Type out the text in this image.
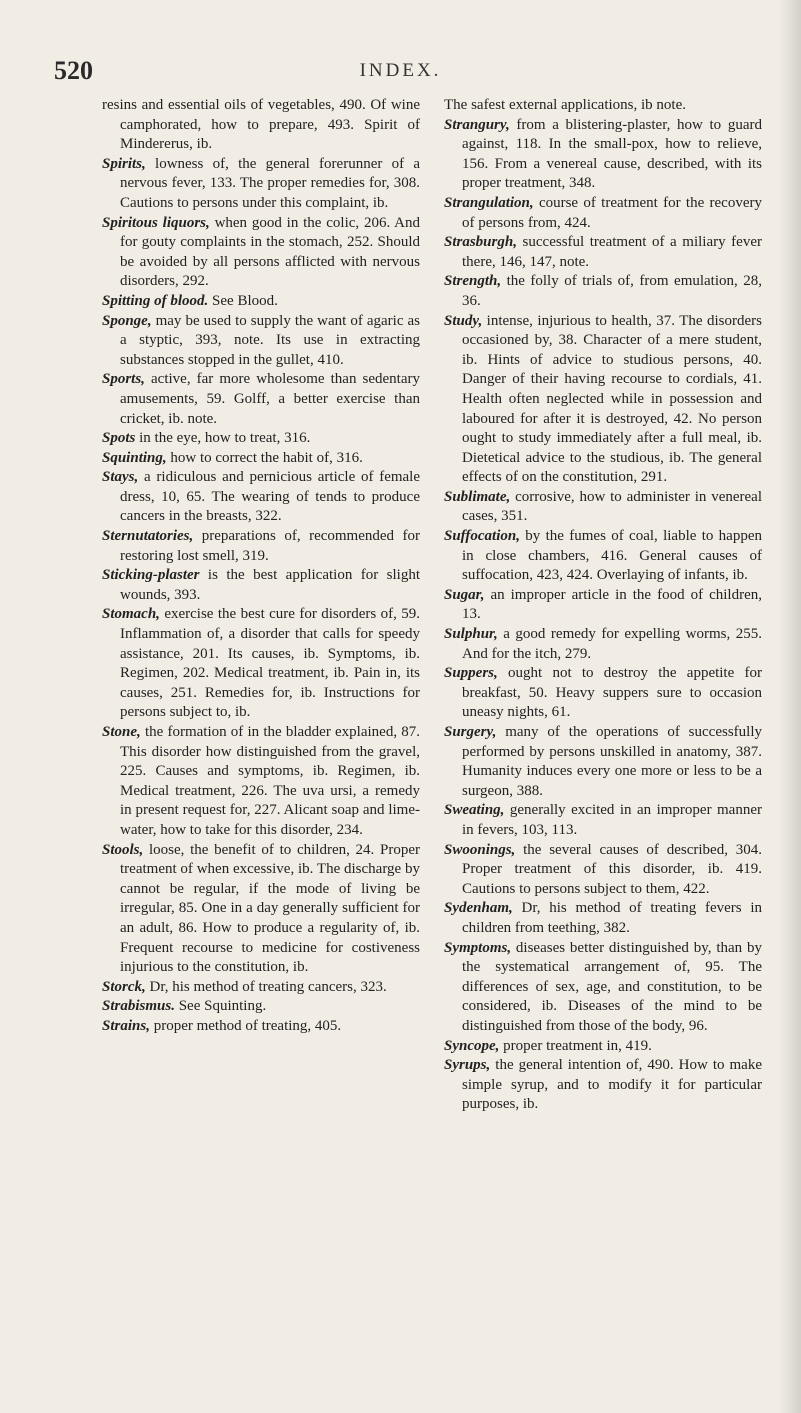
520	INDEX.

resins and essential oils of vegetables, 490. Of wine camphorated, how to prepare, 493. Spirit of Mindererus, ib.

Spirits, lowness of, the general forerunner of a nervous fever, 133. The proper remedies for, 308. Cautions to persons under this complaint, ib.

Spiritous liquors, when good in the colic, 206. And for gouty complaints in the stomach, 252. Should be avoided by all persons afflicted with nervous disorders, 292.

Spitting of blood. See Blood.

Sponge, may be used to supply the want of agaric as a styptic, 393, note. Its use in extracting substances stopped in the gullet, 410.

Sports, active, far more wholesome than sedentary amusements, 59. Golff, a better exercise than cricket, ib. note.

Spots in the eye, how to treat, 316.

Squinting, how to correct the habit of, 316.

Stays, a ridiculous and pernicious article of female dress, 10, 65. The wearing of tends to produce cancers in the breasts, 322.

Sternutatories, preparations of, recommended for restoring lost smell, 319.

Sticking-plaster is the best application for slight wounds, 393.

Stomach, exercise the best cure for disorders of, 59. Inflammation of, a disorder that calls for speedy assistance, 201. Its causes, ib. Symptoms, ib. Regimen, 202. Medical treatment, ib. Pain in, its causes, 251. Remedies for, ib. Instructions for persons subject to, ib.

Stone, the formation of in the bladder explained, 87. This disorder how distinguished from the gravel, 225. Causes and symptoms, ib. Regimen, ib. Medical treatment, 226. The uva ursi, a remedy in present request for, 227. Alicant soap and lime-water, how to take for this disorder, 234.

Stools, loose, the benefit of to children, 24. Proper treatment of when excessive, ib. The discharge by cannot be regular, if the mode of living be irregular, 85. One in a day generally sufficient for an adult, 86. How to produce a regularity of, ib. Frequent recourse to medicine for costiveness injurious to the constitution, ib.

Storck, Dr, his method of treating cancers, 323.

Strabismus. See Squinting.

Strains, proper method of treating, 405.

The safest external applications, ib note.

Strangury, from a blistering-plaster, how to guard against, 118. In the small-pox, how to relieve, 156. From a venereal cause, described, with its proper treatment, 348.

Strangulation, course of treatment for the recovery of persons from, 424.

Strasburgh, successful treatment of a miliary fever there, 146, 147, note.

Strength, the folly of trials of, from emulation, 28, 36.

Study, intense, injurious to health, 37. The disorders occasioned by, 38. Character of a mere student, ib. Hints of advice to studious persons, 40. Danger of their having recourse to cordials, 41. Health often neglected while in possession and laboured for after it is destroyed, 42. No person ought to study immediately after a full meal, ib. Dietetical advice to the studious, ib. The general effects of on the constitution, 291.

Sublimate, corrosive, how to administer in venereal cases, 351.

Suffocation, by the fumes of coal, liable to happen in close chambers, 416. General causes of suffocation, 423, 424. Overlaying of infants, ib.

Sugar, an improper article in the food of children, 13.

Sulphur, a good remedy for expelling worms, 255. And for the itch, 279.

Suppers, ought not to destroy the appetite for breakfast, 50. Heavy suppers sure to occasion uneasy nights, 61.

Surgery, many of the operations of successfully performed by persons unskilled in anatomy, 387. Humanity induces every one more or less to be a surgeon, 388.

Sweating, generally excited in an improper manner in fevers, 103, 113.

Swoonings, the several causes of described, 304. Proper treatment of this disorder, ib. 419. Cautions to persons subject to them, 422.

Sydenham, Dr, his method of treating fevers in children from teething, 382.

Symptoms, diseases better distinguished by, than by the systematical arrangement of, 95. The differences of sex, age, and constitution, to be considered, ib. Diseases of the mind to be distinguished from those of the body, 96.

Syncope, proper treatment in, 419.

Syrups, the general intention of, 490. How to make simple syrup, and to modify it for particular purposes, ib.
